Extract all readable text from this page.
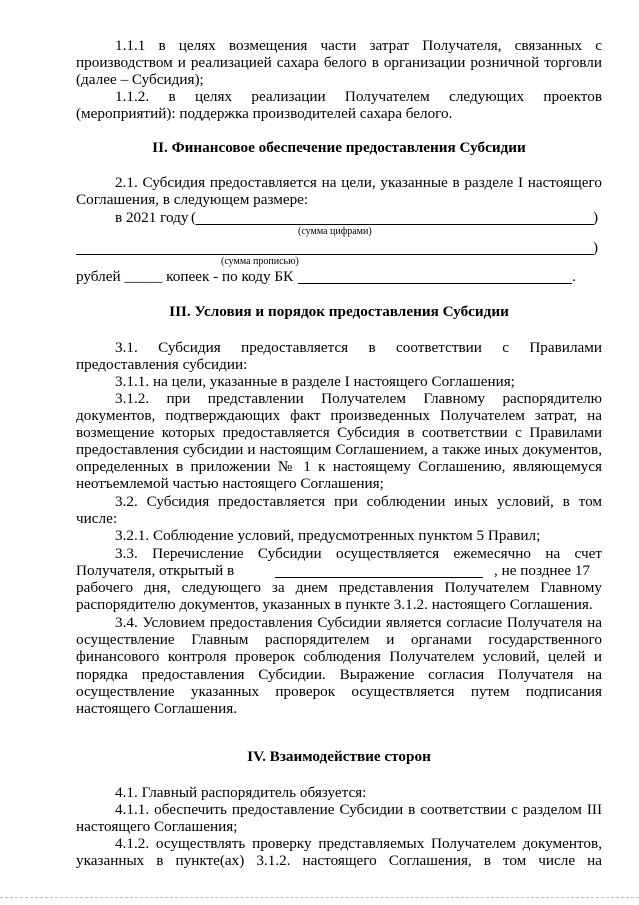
1.1.1 в целях возмещения части затрат Получателя, связанных с
производством и реализацией сахара белого в организации розничной торговли
(далее – Субсидия);
1.1.2. в целях реализации Получателем следующих проектов
(мероприятий): поддержка производителей сахара белого.
II. Финансовое обеспечение предоставления Субсидии
2.1. Субсидия предоставляется на цели, указанные в разделе I настоящего
Соглашения, в следующем размере:
в 2021 году (	)
(сумма цифрами)
)
(сумма прописью)
рублей _____ копеек - по коду БК	.
III. Условия и порядок предоставления Субсидии
3.1. Субсидия предоставляется в соответствии с Правилами
предоставления субсидии:
3.1.1. на цели, указанные в разделе I настоящего Соглашения;
3.1.2. при представлении Получателем Главному распорядителю
документов, подтверждающих факт произведенных Получателем затрат, на
возмещение которых предоставляется Субсидия в соответствии с Правилами
предоставления субсидии и настоящим Соглашением, а также иных документов,
определенных в приложении № 1 к настоящему Соглашению, являющемуся
неотъемлемой частью настоящего Соглашения;
3.2. Субсидия предоставляется при соблюдении иных условий, в том
числе:
3.2.1. Соблюдение условий, предусмотренных пунктом 5 Правил;
3.3. Перечисление Субсидии осуществляется ежемесячно на счет
Получателя, открытый в	, не позднее 17
рабочего дня, следующего за днем представления Получателем Главному
распорядителю документов, указанных в пункте 3.1.2. настоящего Соглашения.
3.4. Условием предоставления Субсидии является согласие Получателя на
осуществление Главным распорядителем и органами государственного
финансового контроля проверок соблюдения Получателем условий, целей и
порядка предоставления Субсидии. Выражение согласия Получателя на
осуществление указанных проверок осуществляется путем подписания
настоящего Соглашения.
IV. Взаимодействие сторон
4.1. Главный распорядитель обязуется:
4.1.1. обеспечить предоставление Субсидии в соответствии с разделом III
настоящего Соглашения;
4.1.2. осуществлять проверку представляемых Получателем документов,
указанных в пункте(ах) 3.1.2. настоящего Соглашения, в том числе на
